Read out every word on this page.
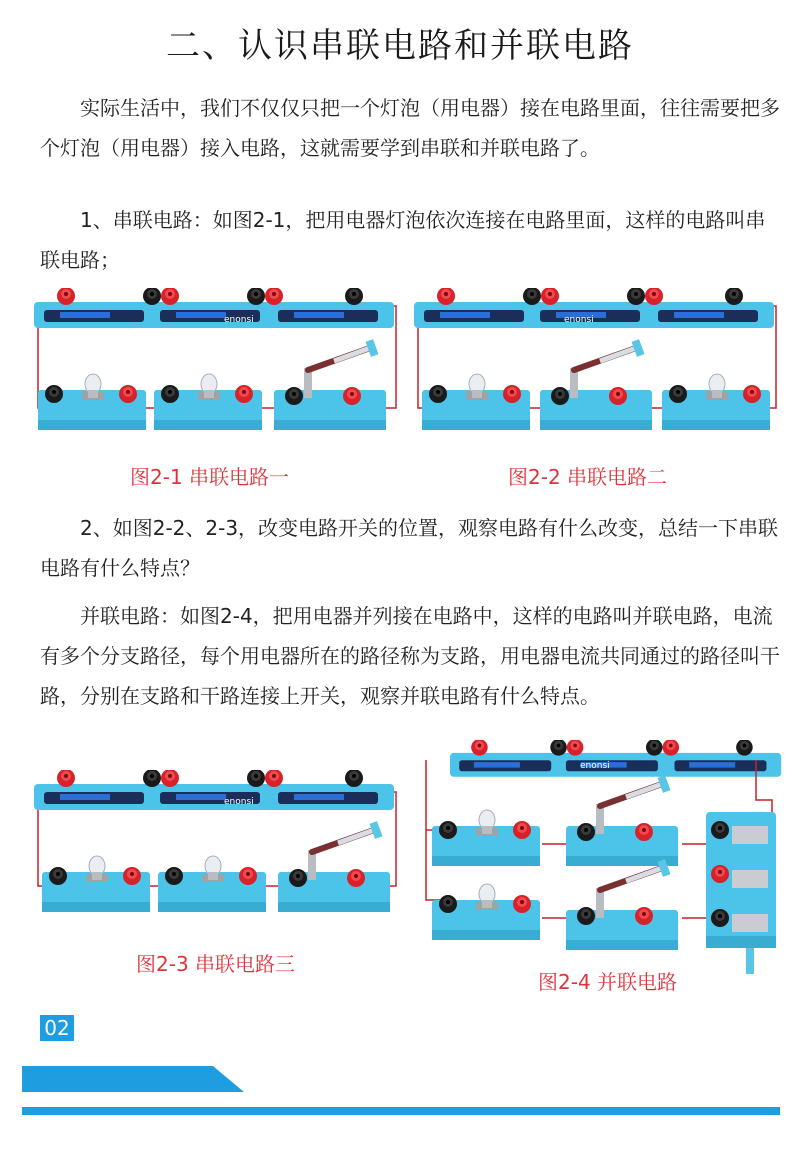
二、认识串联电路和并联电路

实际生活中，我们不仅仅只把一个灯泡（用电器）接在电路里面，往往需要把多个灯泡（用电器）接入电路，这就需要学到串联和并联电路了。

1、串联电路：如图2-1，把用电器灯泡依次连接在电路里面，这样的电路叫串联电路；

enonsi
图2-1 串联电路一
enonsi
图2-2 串联电路二

2、如图2-2、2-3，改变电路开关的位置，观察电路有什么改变，总结一下串联电路有什么特点？

并联电路：如图2-4，把用电器并列接在电路中，这样的电路叫并联电路，电流有多个分支路径，每个用电器所在的路径称为支路，用电器电流共同通过的路径叫干路，分别在支路和干路连接上开关，观察并联电路有什么特点。

enonsi
图2-3 串联电路三
enonsi
图2-4 并联电路
02
